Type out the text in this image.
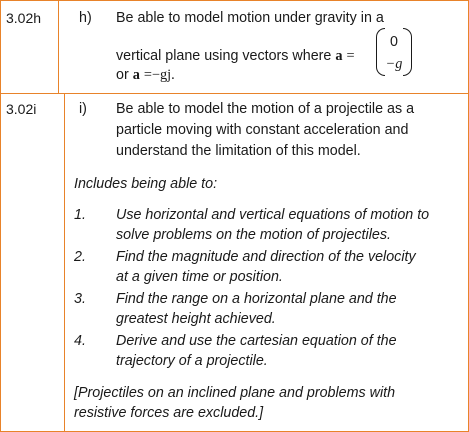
3.02h	h) Be able to model motion under gravity in a
vertical plane using vectors where a =
0
−g
or a =−gj.
3.02i	i) Be able to model the motion of a projectile as a
particle moving with constant acceleration and
understand the limitation of this model.
Includes being able to:
1. Use horizontal and vertical equations of motion to
solve problems on the motion of projectiles.
2. Find the magnitude and direction of the velocity
at a given time or position.
3. Find the range on a horizontal plane and the
greatest height achieved.
4. Derive and use the cartesian equation of the
trajectory of a projectile.
[Projectiles on an inclined plane and problems with
resistive forces are excluded.]
